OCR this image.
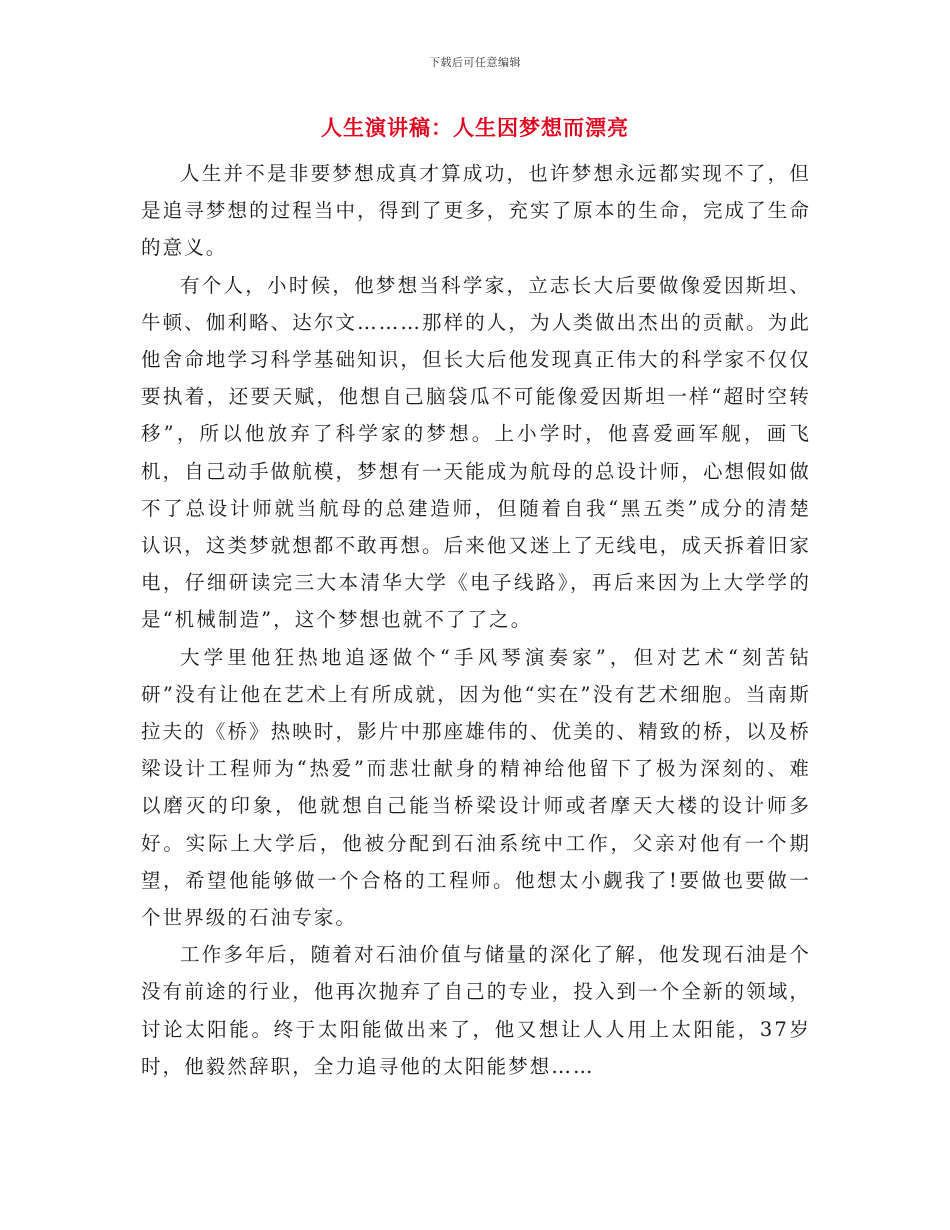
下载后可任意编辑
人生演讲稿：人生因梦想而漂亮

人生并不是非要梦想成真才算成功，也许梦想永远都实现不了，但是追寻梦想的过程当中，得到了更多，充实了原本的生命，完成了生命的意义。

有个人，小时候，他梦想当科学家，立志长大后要做像爱因斯坦、牛顿、伽利略、达尔文………那样的人，为人类做出杰出的贡献。为此他舍命地学习科学基础知识，但长大后他发现真正伟大的科学家不仅仅要执着，还要天赋，他想自己脑袋瓜不可能像爱因斯坦一样“超时空转移”，所以他放弃了科学家的梦想。上小学时，他喜爱画军舰，画飞机，自己动手做航模，梦想有一天能成为航母的总设计师，心想假如做不了总设计师就当航母的总建造师，但随着自我“黑五类”成分的清楚认识，这类梦就想都不敢再想。后来他又迷上了无线电，成天拆着旧家电，仔细研读完三大本清华大学《电子线路》，再后来因为上大学学的是“机械制造”，这个梦想也就不了了之。

大学里他狂热地追逐做个“手风琴演奏家”，但对艺术“刻苦钻研”没有让他在艺术上有所成就，因为他“实在”没有艺术细胞。当南斯拉夫的《桥》热映时，影片中那座雄伟的、优美的、精致的桥，以及桥梁设计工程师为“热爱”而悲壮献身的精神给他留下了极为深刻的、难以磨灭的印象，他就想自己能当桥梁设计师或者摩天大楼的设计师多好。实际上大学后，他被分配到石油系统中工作，父亲对他有一个期望，希望他能够做一个合格的工程师。他想太小觑我了!要做也要做一个世界级的石油专家。

工作多年后，随着对石油价值与储量的深化了解，他发现石油是个没有前途的行业，他再次抛弃了自己的专业，投入到一个全新的领域，讨论太阳能。终于太阳能做出来了，他又想让人人用上太阳能，37岁时，他毅然辞职，全力追寻他的太阳能梦想……
